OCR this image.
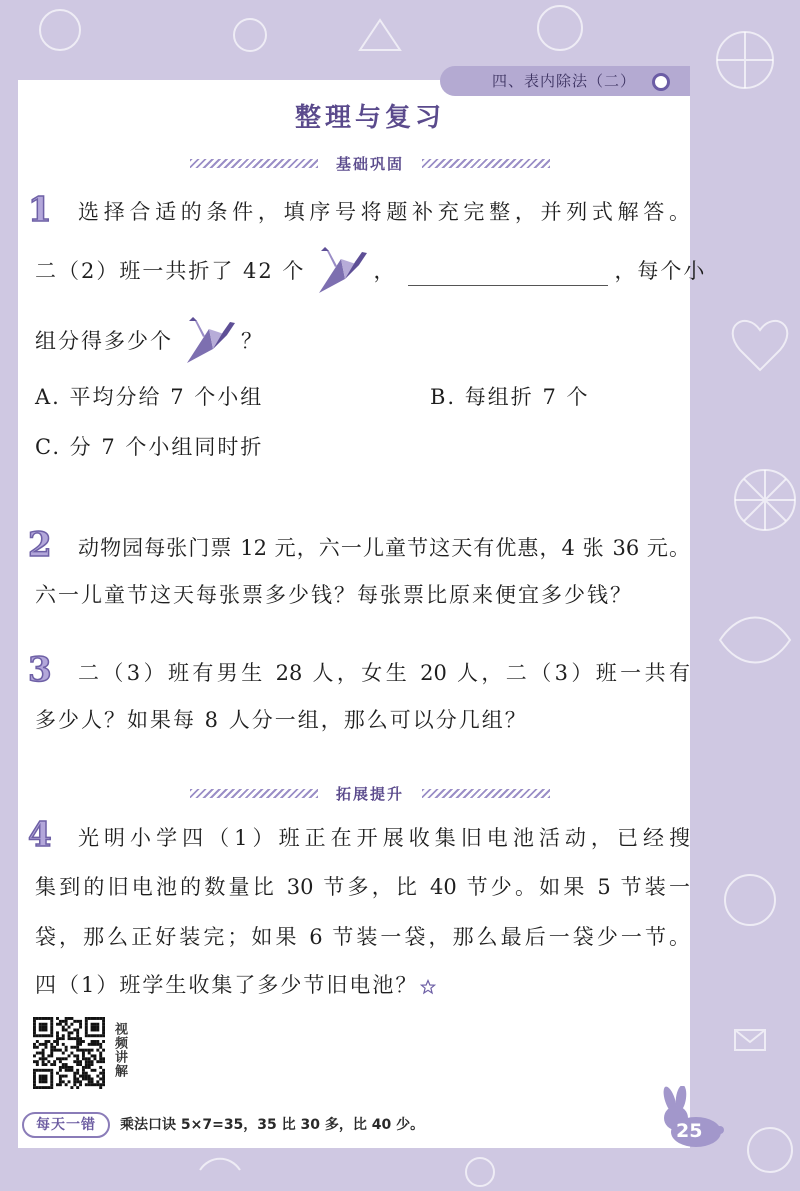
四、表内除法（二）
整理与复习
基础巩固
1	选择合适的条件，填序号将题补充完整，并列式解答。
二（2）班一共折了 42 个	，	，每个小
组分得多少个	？
A. 平均分给 7 个小组	B. 每组折 7 个
C. 分 7 个小组同时折
2	动物园每张门票 12 元，六一儿童节这天有优惠，4 张 36 元。
六一儿童节这天每张票多少钱？每张票比原来便宜多少钱？
3	二（3）班有男生 28 人，女生 20 人，二（3）班一共有
多少人？如果每 8 人分一组，那么可以分几组？
拓展提升
4	光明小学四（1）班正在开展收集旧电池活动，已经搜
集到的旧电池的数量比 30 节多，比 40 节少。如果 5 节装一
袋，那么正好装完；如果 6 节装一袋，那么最后一袋少一节。
四（1）班学生收集了多少节旧电池？
视频讲解
每天一错	乘法口诀 5×7=35，35 比 30 多，比 40 少。	25
